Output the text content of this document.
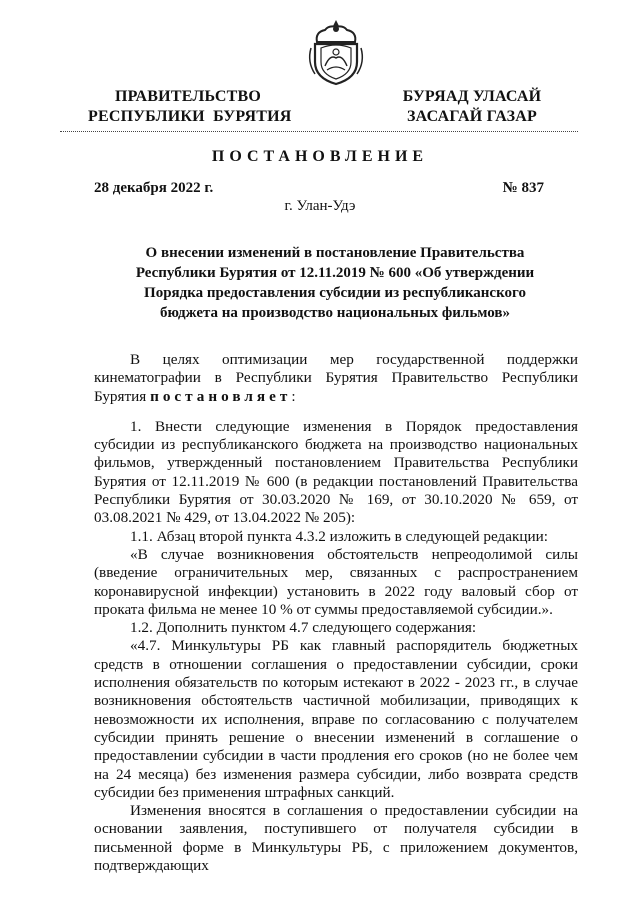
ПРАВИТЕЛЬСТВО
РЕСПУБЛИКИ  БУРЯТИЯ
БУРЯАД УЛАСАЙ
ЗАСАГАЙ ГАЗАР
ПОСТАНОВЛЕНИЕ
28 декабря 2022 г.	№ 837
г. Улан-Удэ
О внесении изменений в постановление Правительства Республики Бурятия от 12.11.2019 № 600 «Об утверждении Порядка предоставления субсидии из республиканского бюджета на производство национальных фильмов»

В целях оптимизации мер государственной поддержки кинематографии в Республики Бурятия Правительство Республики Бурятия постановляет:

1. Внести следующие изменения в Порядок предоставления субсидии из республиканского бюджета на производство национальных фильмов, утвержденный постановлением Правительства Республики Бурятия от 12.11.2019 № 600 (в редакции постановлений Правительства Республики Бурятия от 30.03.2020 № 169, от 30.10.2020 № 659, от 03.08.2021 № 429, от 13.04.2022 № 205):

1.1. Абзац второй пункта 4.3.2 изложить в следующей редакции:

«В случае возникновения обстоятельств непреодолимой силы (введение ограничительных мер, связанных с распространением коронавирусной инфекции) установить в 2022 году валовый сбор от проката фильма не менее 10 % от суммы предоставляемой субсидии.».

1.2. Дополнить пунктом 4.7 следующего содержания:

«4.7. Минкультуры РБ как главный распорядитель бюджетных средств в отношении соглашения о предоставлении субсидии, сроки исполнения обязательств по которым истекают в 2022 - 2023 гг., в случае возникновения обстоятельств частичной мобилизации, приводящих к невозможности их исполнения, вправе по согласованию с получателем субсидии принять решение о внесении изменений в соглашение о предоставлении субсидии в части продления его сроков (но не более чем на 24 месяца) без изменения размера субсидии, либо возврата средств субсидии без применения штрафных санкций.

Изменения вносятся в соглашения о предоставлении субсидии на основании заявления, поступившего от получателя субсидии в письменной форме в Минкультуры РБ, с приложением документов, подтверждающих
